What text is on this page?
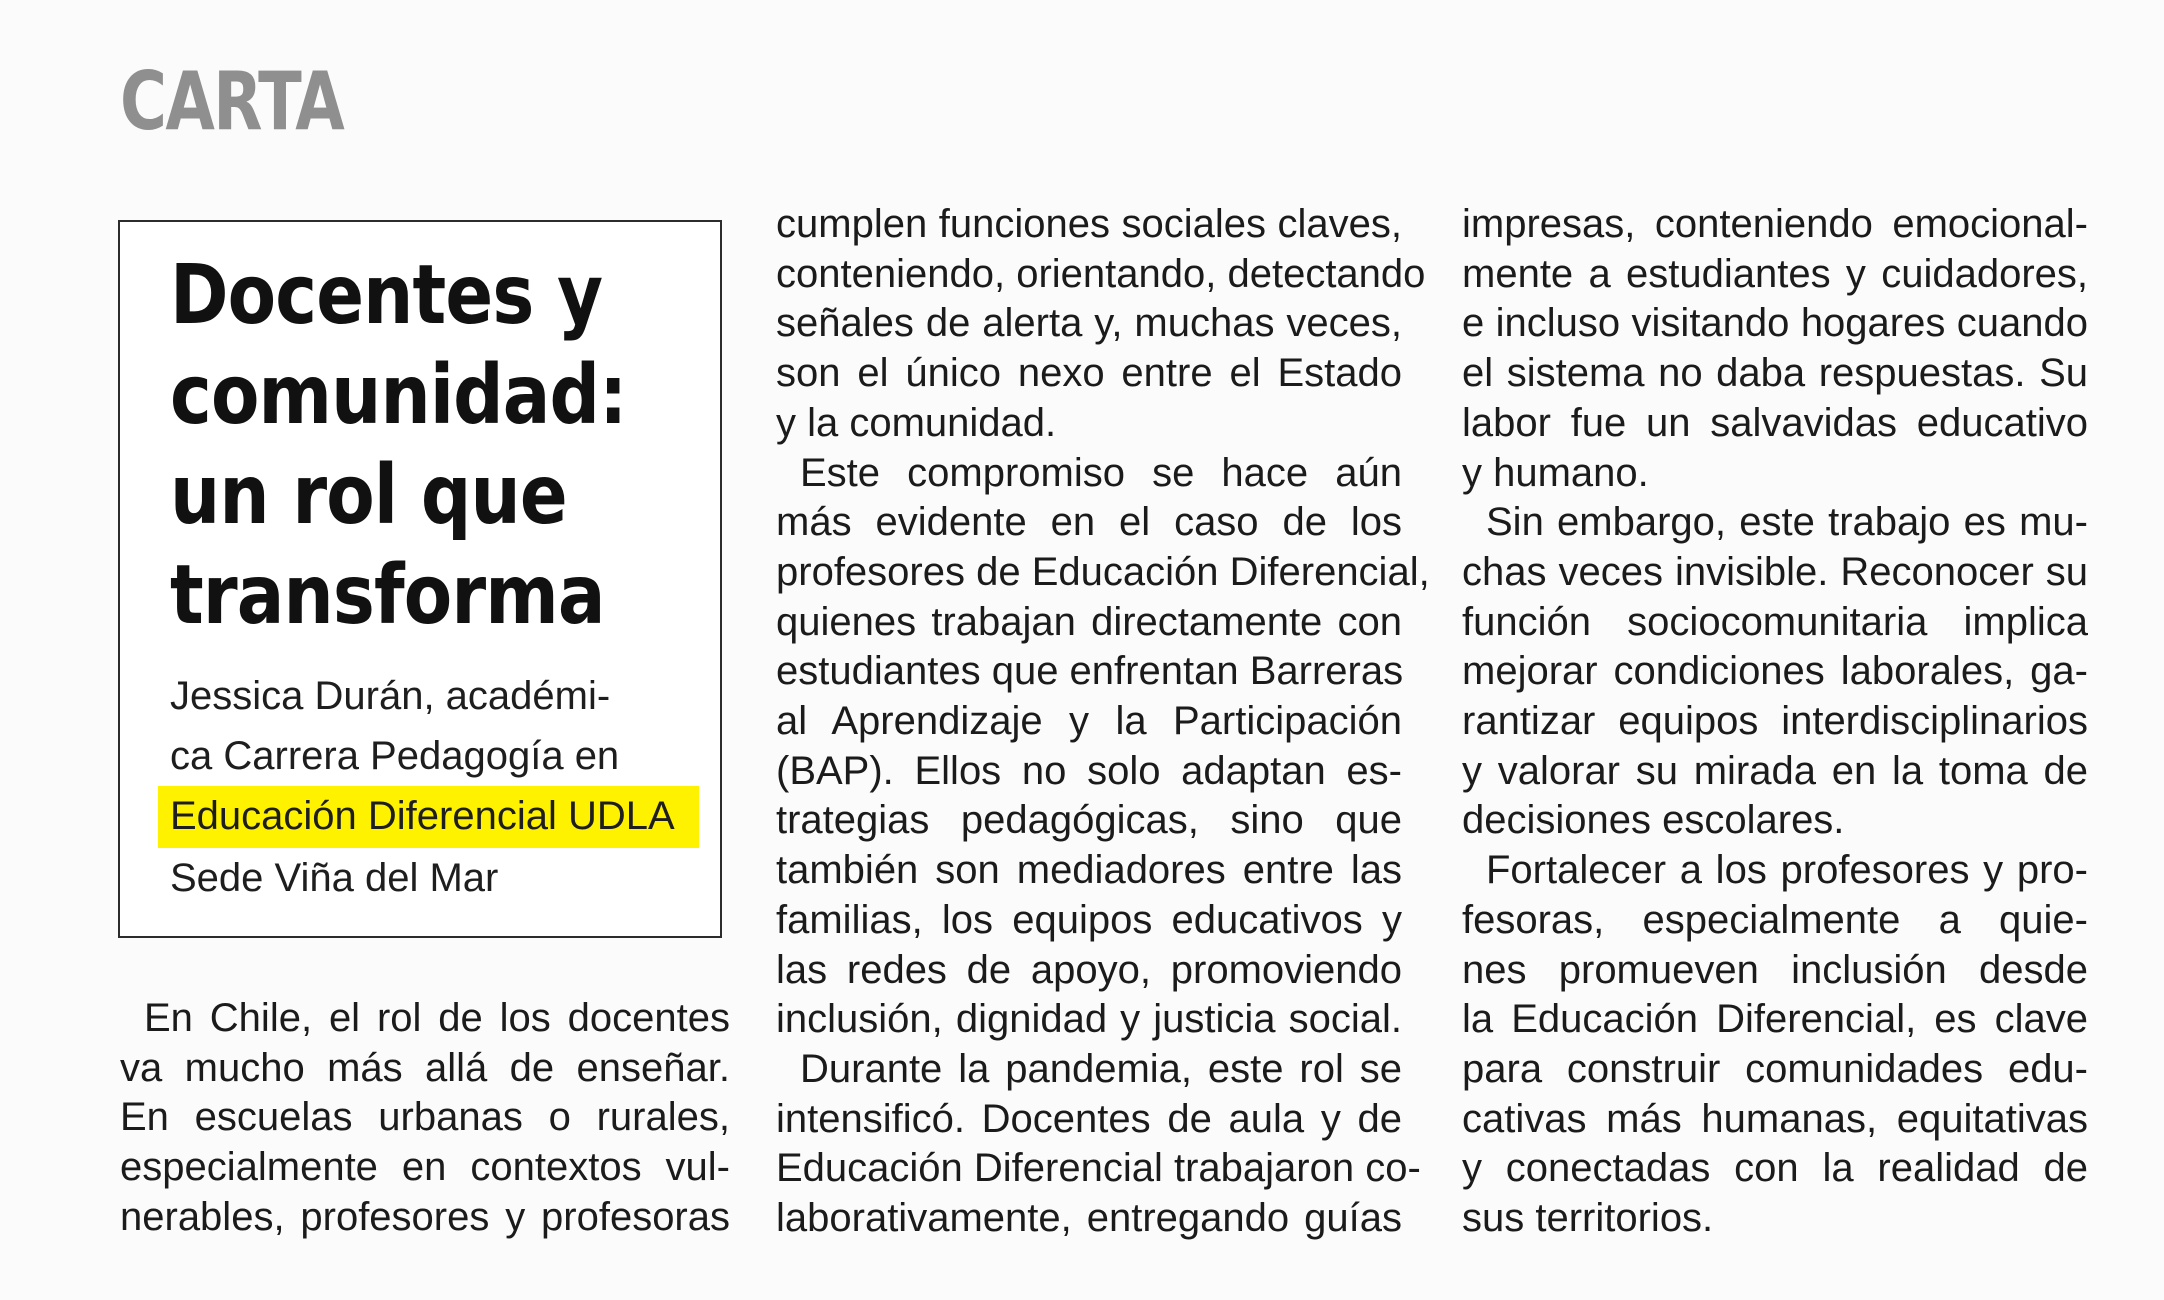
CARTA
Docentes y
comunidad:
un rol que
transforma
Jessica Durán, académi-
ca Carrera Pedagogía en
Educación Diferencial UDLA
Sede Viña del Mar
En Chile, el rol de los docentes
va mucho más allá de enseñar.
En escuelas urbanas o rurales,
especialmente en contextos vul-
nerables, profesores y profesoras
cumplen funciones sociales claves,
conteniendo, orientando, detectando
señales de alerta y, muchas veces,
son el único nexo entre el Estado
y la comunidad.
Este compromiso se hace aún
más evidente en el caso de los
profesores de Educación Diferencial,
quienes trabajan directamente con
estudiantes que enfrentan Barreras
al Aprendizaje y la Participación
(BAP). Ellos no solo adaptan es-
trategias pedagógicas, sino que
también son mediadores entre las
familias, los equipos educativos y
las redes de apoyo, promoviendo
inclusión, dignidad y justicia social.
Durante la pandemia, este rol se
intensificó. Docentes de aula y de
Educación Diferencial trabajaron co-
laborativamente, entregando guías
impresas, conteniendo emocional-
mente a estudiantes y cuidadores,
e incluso visitando hogares cuando
el sistema no daba respuestas. Su
labor fue un salvavidas educativo
y humano.
Sin embargo, este trabajo es mu-
chas veces invisible. Reconocer su
función sociocomunitaria implica
mejorar condiciones laborales, ga-
rantizar equipos interdisciplinarios
y valorar su mirada en la toma de
decisiones escolares.
Fortalecer a los profesores y pro-
fesoras, especialmente a quie-
nes promueven inclusión desde
la Educación Diferencial, es clave
para construir comunidades edu-
cativas más humanas, equitativas
y conectadas con la realidad de
sus territorios.
